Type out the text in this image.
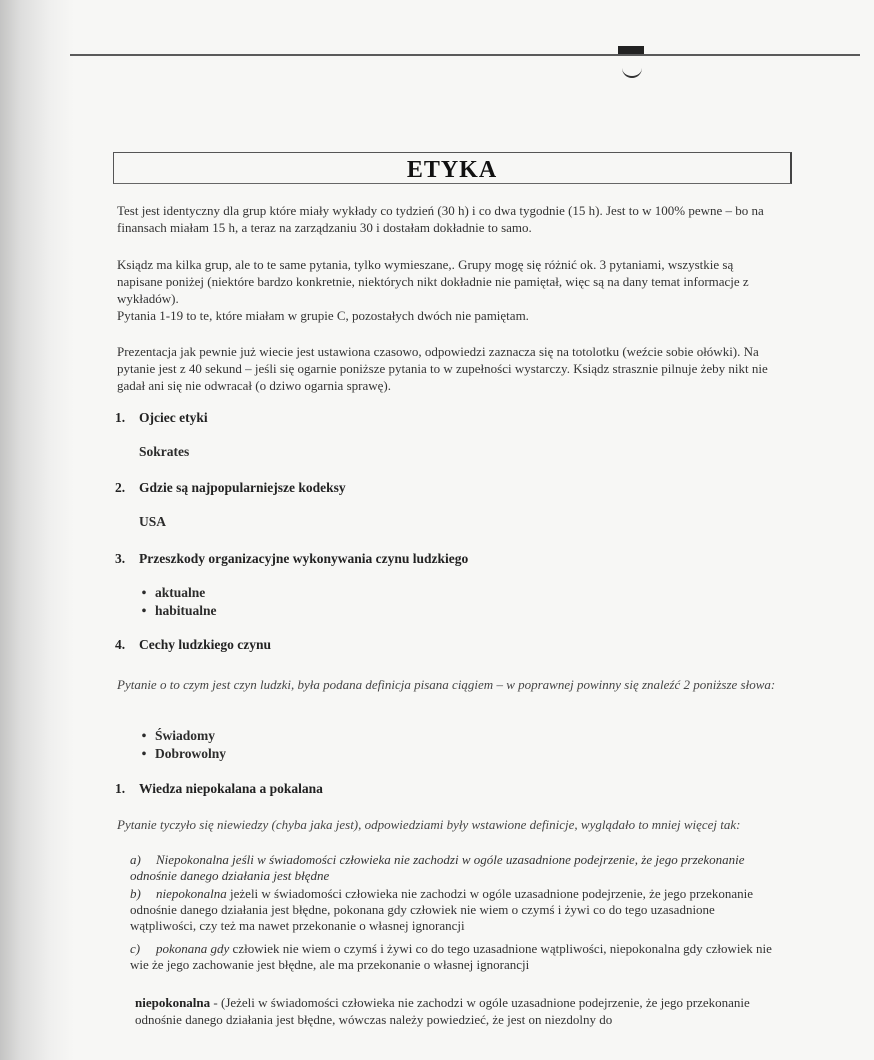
ETYKA

Test jest identyczny dla grup które miały wykłady co tydzień (30 h) i co dwa tygodnie (15 h). Jest to w 100% pewne – bo na finansach miałam 15 h, a teraz na zarządzaniu 30 i dostałam dokładnie to samo.

Ksiądz ma kilka grup, ale to te same pytania, tylko wymieszane,. Grupy mogę się różnić ok. 3 pytaniami, wszystkie są napisane poniżej (niektóre bardzo konkretnie, niektórych nikt dokładnie nie pamiętał, więc są na dany temat informacje z wykładów).

Pytania 1-19 to te, które miałam w grupie C, pozostałych dwóch nie pamiętam.

Prezentacja jak pewnie już wiecie jest ustawiona czasowo, odpowiedzi zaznacza się na totolotku (weźcie sobie ołówki). Na pytanie jest z 40 sekund – jeśli się ogarnie poniższe pytania to w zupełności wystarczy. Ksiądz strasznie pilnuje żeby nikt nie gadał ani się nie odwracał (o dziwo ogarnia sprawę).

1. Ojciec etyki
Sokrates
2. Gdzie są najpopularniejsze kodeksy
USA
3. Przeszkody organizacyjne wykonywania czynu ludzkiego
• aktualne
• habitualne
4. Cechy ludzkiego czynu
Pytanie o to czym jest czyn ludzki, była podana definicja pisana ciągiem – w poprawnej powinny się znaleźć 2 poniższe słowa:
• Świadomy
• Dobrowolny
1. Wiedza niepokalana a pokalana
Pytanie tyczyło się niewiedzy (chyba jaka jest), odpowiedziami były wstawione definicje, wyglądało to mniej więcej tak:
a) Niepokonalna jeśli w świadomości człowieka nie zachodzi w ogóle uzasadnione podejrzenie, że jego przekonanie odnośnie danego działania jest błędne
b) niepokonalna jeżeli w świadomości człowieka nie zachodzi w ogóle uzasadnione podejrzenie, że jego przekonanie odnośnie danego działania jest błędne, pokonana gdy człowiek nie wiem o czymś i żywi co do tego uzasadnione wątpliwości, czy też ma nawet przekonanie o własnej ignorancji
c) pokonana gdy człowiek nie wiem o czymś i żywi co do tego uzasadnione wątpliwości, niepokonalna gdy człowiek nie wie że jego zachowanie jest błędne, ale ma przekonanie o własnej ignorancji
niepokonalna - (Jeżeli w świadomości człowieka nie zachodzi w ogóle uzasadnione podejrzenie, że jego przekonanie odnośnie danego działania jest błędne, wówczas należy powiedzieć, że jest on niezdolny do
